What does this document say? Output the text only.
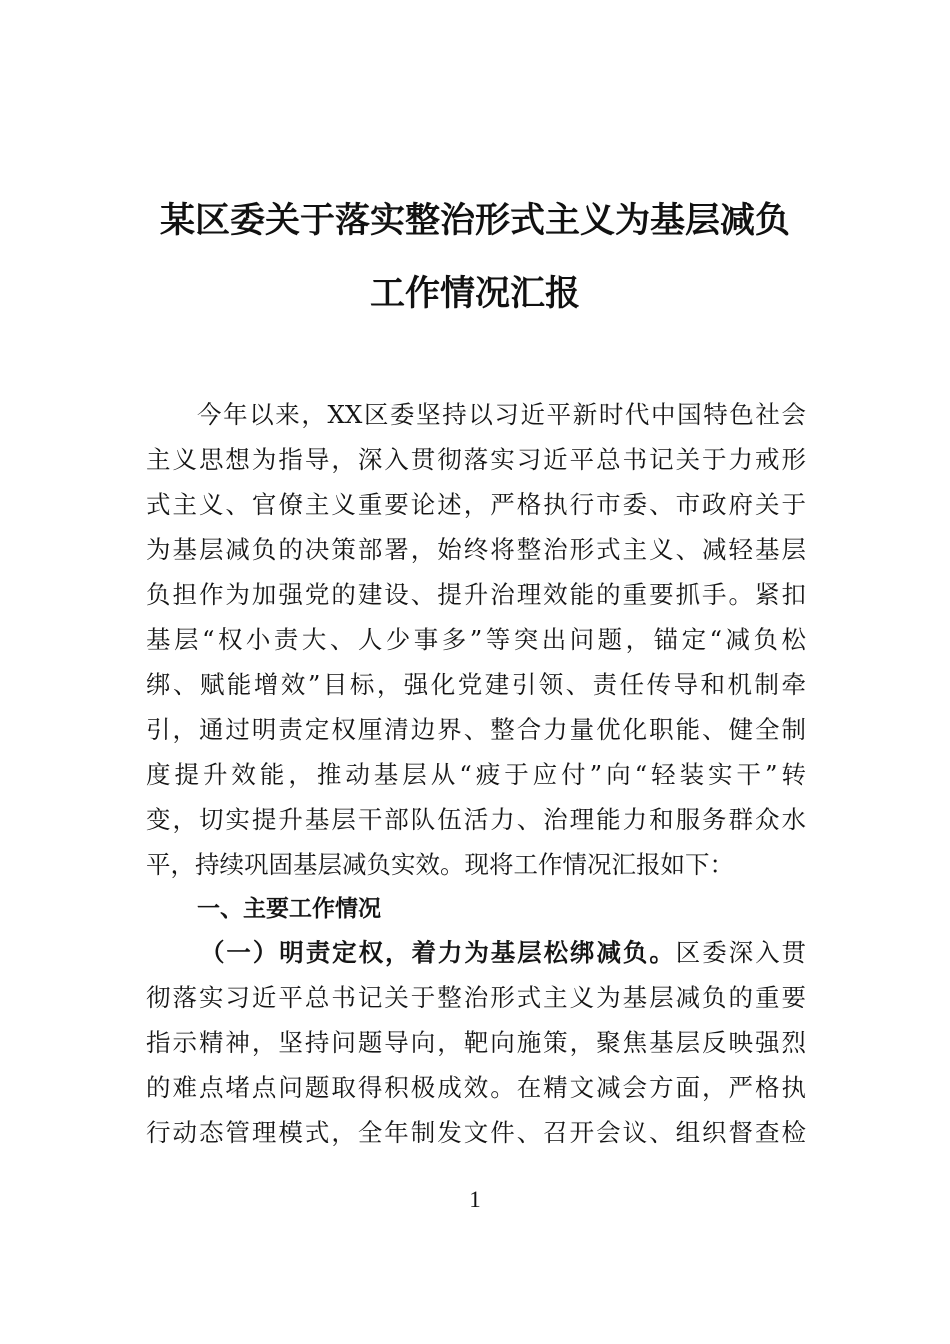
某区委关于落实整治形式主义为基层减负
工作情况汇报
今年以来，XX区委坚持以习近平新时代中国特色社会
主义思想为指导，深入贯彻落实习近平总书记关于力戒形
式主义、官僚主义重要论述，严格执行市委、市政府关于
为基层减负的决策部署，始终将整治形式主义、减轻基层
负担作为加强党的建设、提升治理效能的重要抓手。紧扣
基层“权小责大、人少事多”等突出问题，锚定“减负松
绑、赋能增效”目标，强化党建引领、责任传导和机制牵
引，通过明责定权厘清边界、整合力量优化职能、健全制
度提升效能，推动基层从“疲于应付”向“轻装实干”转
变，切实提升基层干部队伍活力、治理能力和服务群众水
平，持续巩固基层减负实效。现将工作情况汇报如下：
一、主要工作情况
（一）明责定权，着力为基层松绑减负。区委深入贯
彻落实习近平总书记关于整治形式主义为基层减负的重要
指示精神，坚持问题导向，靶向施策，聚焦基层反映强烈
的难点堵点问题取得积极成效。在精文减会方面，严格执
行动态管理模式，全年制发文件、召开会议、组织督查检
1
